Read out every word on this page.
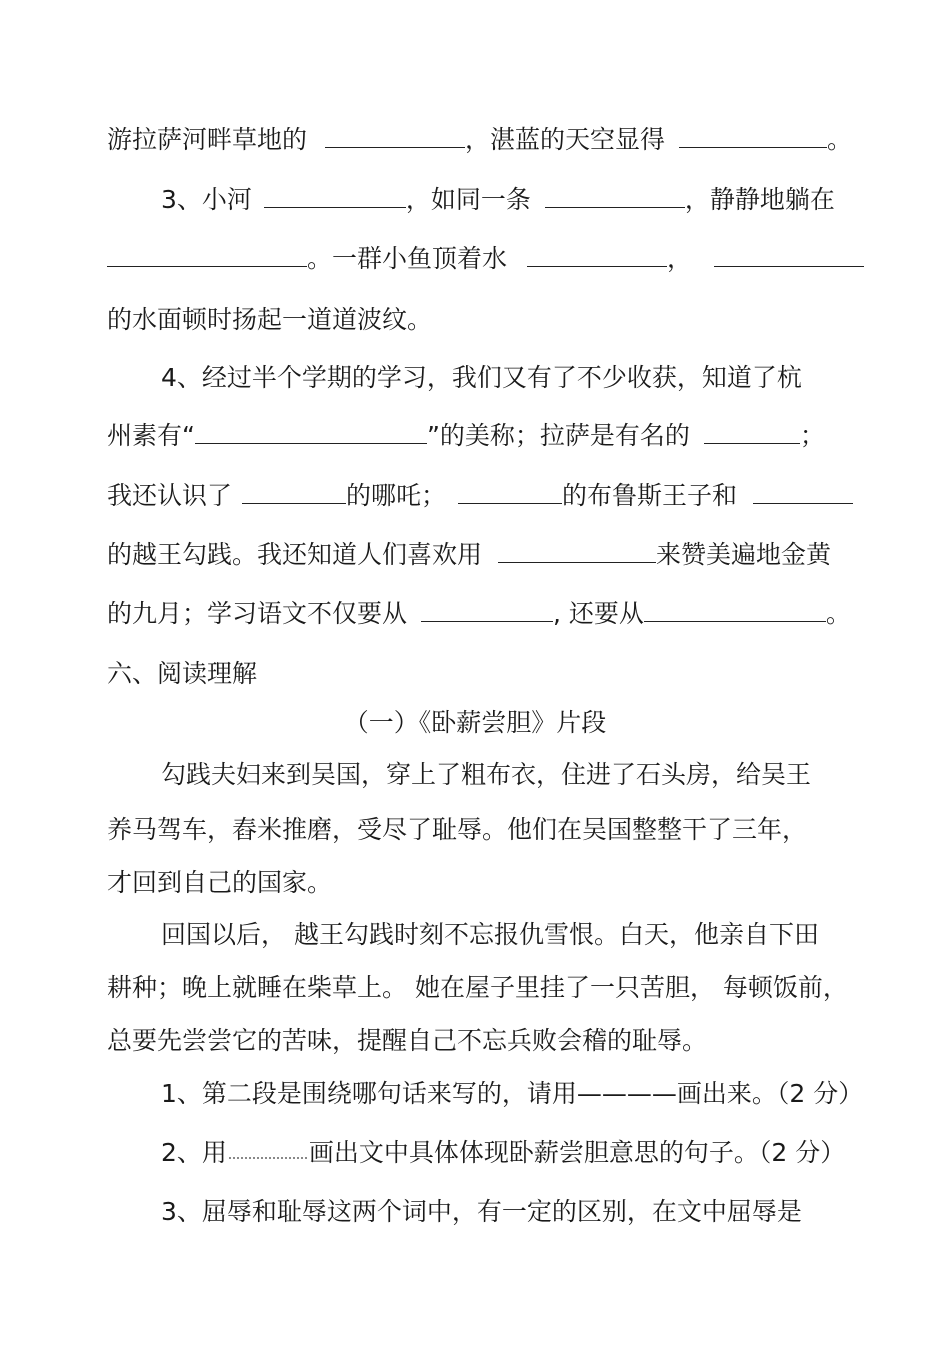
游拉萨河畔草地的	，湛蓝的天空显得	。
3、小河	，如同一条	，静静地躺在
。一群小鱼顶着水	，
的水面顿时扬起一道道波纹。
4、经过半个学期的学习，我们又有了不少收获，知道了杭
州素有“	”的美称；拉萨是有名的	；
我还认识了	的哪吒；	的布鲁斯王子和
的越王勾践。我还知道人们喜欢用	来赞美遍地金黄
的九月；学习语文不仅要从	, 还要从	。
六、阅读理解
（一）《卧薪尝胆》片段
勾践夫妇来到吴国，穿上了粗布衣，住进了石头房，给吴王
养马驾车，舂米推磨，受尽了耻辱。他们在吴国整整干了三年，
才回到自己的国家。
回国以后， 越王勾践时刻不忘报仇雪恨。白天，他亲自下田
耕种；晚上就睡在柴草上。 她在屋子里挂了一只苦胆， 每顿饭前，
总要先尝尝它的苦味，提醒自己不忘兵败会稽的耻辱。
1、第二段是围绕哪句话来写的，请用————画出来。（2 分）
2、用	画出文中具体体现卧薪尝胆意思的句子。（2 分）
3、屈辱和耻辱这两个词中，有一定的区别，在文中屈辱是
